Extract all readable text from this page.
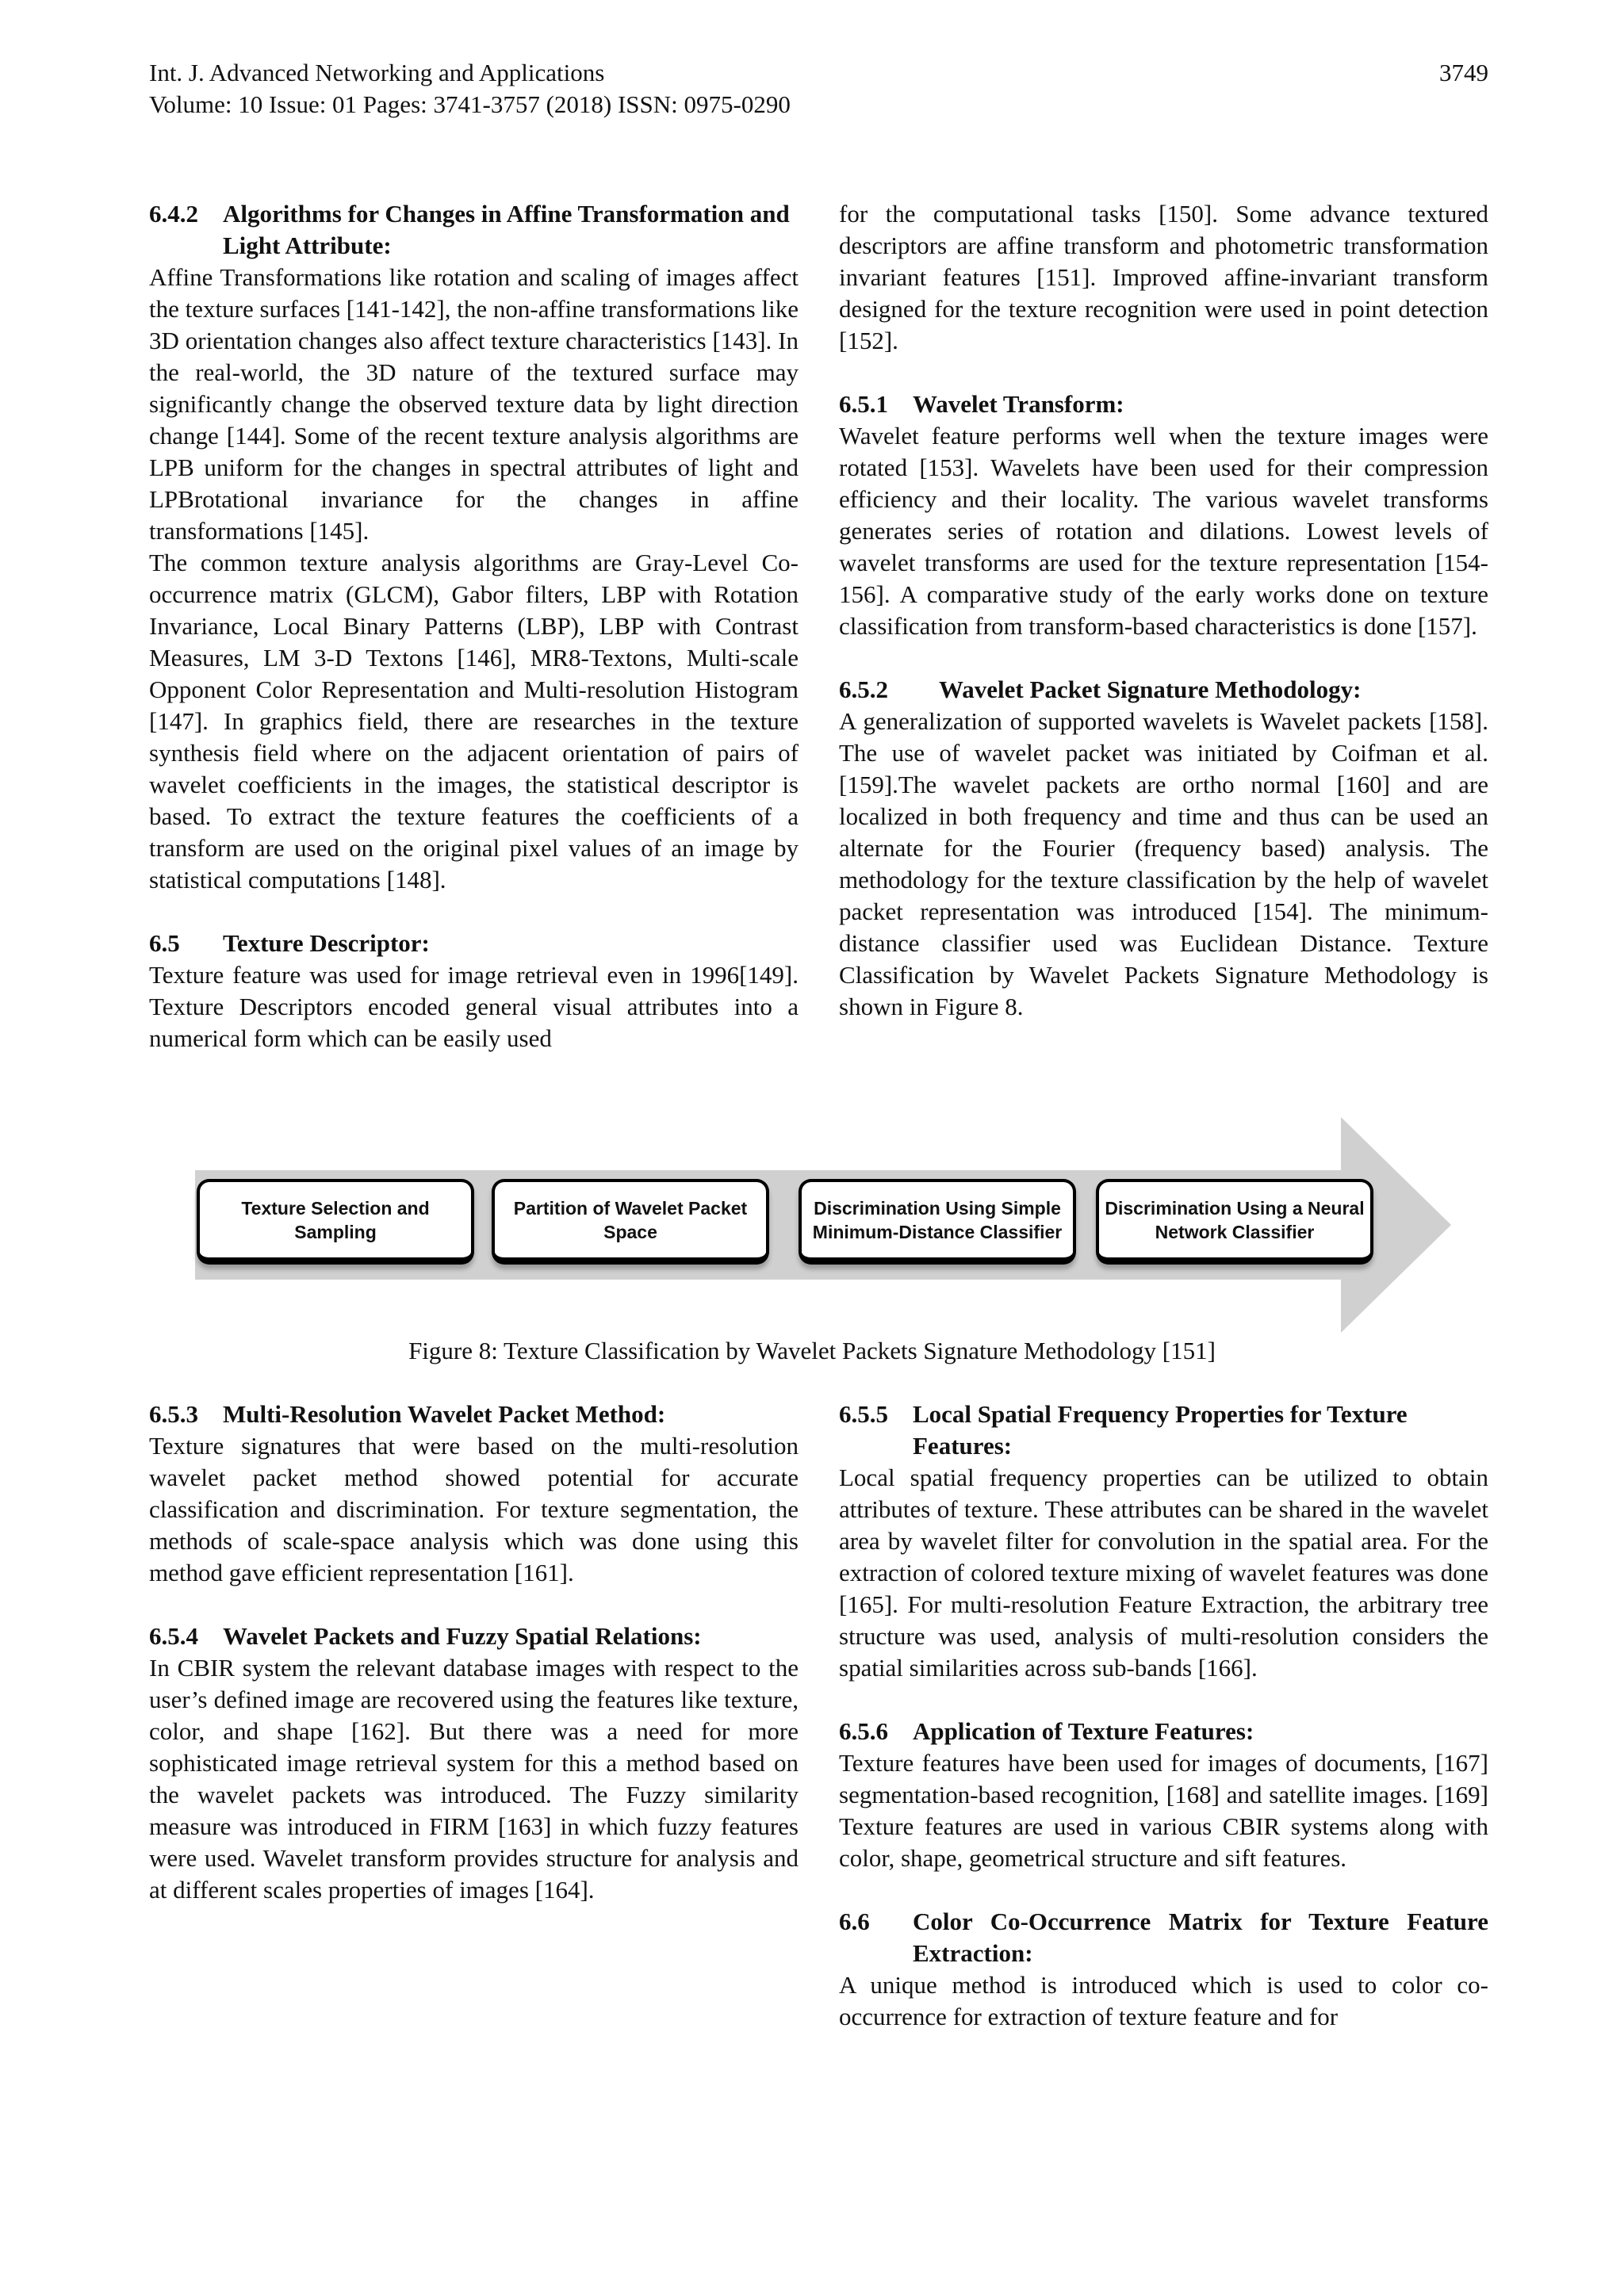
Int. J. Advanced Networking and Applications	3749
Volume: 10 Issue: 01 Pages: 3741-3757 (2018) ISSN: 0975-0290
6.4.2	Algorithms for Changes in Affine Transformation and Light Attribute:

Affine Transformations like rotation and scaling of images affect the texture surfaces [141-142], the non-affine transformations like 3D orientation changes also affect texture characteristics [143]. In the real-world, the 3D nature of the textured surface may significantly change the observed texture data by light direction change [144]. Some of the recent texture analysis algorithms are LPB uniform for the changes in spectral attributes of light and LPBrotational invariance for the changes in affine transformations [145].

The common texture analysis algorithms are Gray-Level Co-occurrence matrix (GLCM), Gabor filters, LBP with Rotation Invariance, Local Binary Patterns (LBP), LBP with Contrast Measures, LM 3-D Textons [146], MR8-Textons, Multi-scale Opponent Color Representation and Multi-resolution Histogram [147]. In graphics field, there are researches in the texture synthesis field where on the adjacent orientation of pairs of wavelet coefficients in the images, the statistical descriptor is based. To extract the texture features the coefficients of a transform are used on the original pixel values of an image by statistical computations [148].

6.5	Texture Descriptor:

Texture feature was used for image retrieval even in 1996[149]. Texture Descriptors encoded general visual attributes into a numerical form which can be easily used

for the computational tasks [150]. Some advance textured descriptors are affine transform and photometric transformation invariant features [151]. Improved affine-invariant transform designed for the texture recognition were used in point detection [152].

6.5.1	Wavelet Transform:

Wavelet feature performs well when the texture images were rotated [153]. Wavelets have been used for their compression efficiency and their locality. The various wavelet transforms generates series of rotation and dilations. Lowest levels of wavelet transforms are used for the texture representation [154-156]. A comparative study of the early works done on texture classification from transform-based characteristics is done [157].

6.5.2	Wavelet Packet Signature Methodology:

A generalization of supported wavelets is Wavelet packets [158]. The use of wavelet packet was initiated by Coifman et al.[159].The wavelet packets are ortho normal [160] and are localized in both frequency and time and thus can be used an alternate for the Fourier (frequency based) analysis. The methodology for the texture classification by the help of wavelet packet representation was introduced [154]. The minimum-distance classifier used was Euclidean Distance. Texture Classification by Wavelet Packets Signature Methodology is shown in Figure 8.

Texture Selection and Sampling
Partition of Wavelet Packet Space
Discrimination Using Simple Minimum-Distance Classifier
Discrimination Using a Neural Network Classifier
Figure 8: Texture Classification by Wavelet Packets Signature Methodology [151]
6.5.3	Multi-Resolution Wavelet Packet Method:

Texture signatures that were based on the multi-resolution wavelet packet method showed potential for accurate classification and discrimination. For texture segmentation, the methods of scale-space analysis which was done using this method gave efficient representation [161].

6.5.4	Wavelet Packets and Fuzzy Spatial Relations:

In CBIR system the relevant database images with respect to the user’s defined image are recovered using the features like texture, color, and shape [162]. But there was a need for more sophisticated image retrieval system for this a method based on the wavelet packets was introduced. The Fuzzy similarity measure was introduced in FIRM [163] in which fuzzy features were used. Wavelet transform provides structure for analysis and at different scales properties of images [164].

6.5.5	Local Spatial Frequency Properties for Texture Features:

Local spatial frequency properties can be utilized to obtain attributes of texture. These attributes can be shared in the wavelet area by wavelet filter for convolution in the spatial area. For the extraction of colored texture mixing of wavelet features was done [165]. For multi-resolution Feature Extraction, the arbitrary tree structure was used, analysis of multi-resolution considers the spatial similarities across sub-bands [166].

6.5.6	Application of Texture Features:

Texture features have been used for images of documents, [167] segmentation-based recognition, [168] and satellite images. [169] Texture features are used in various CBIR systems along with color, shape, geometrical structure and sift features.

6.6	Color Co-Occurrence Matrix for Texture Feature Extraction:

A unique method is introduced which is used to color co-occurrence for extraction of texture feature and for
